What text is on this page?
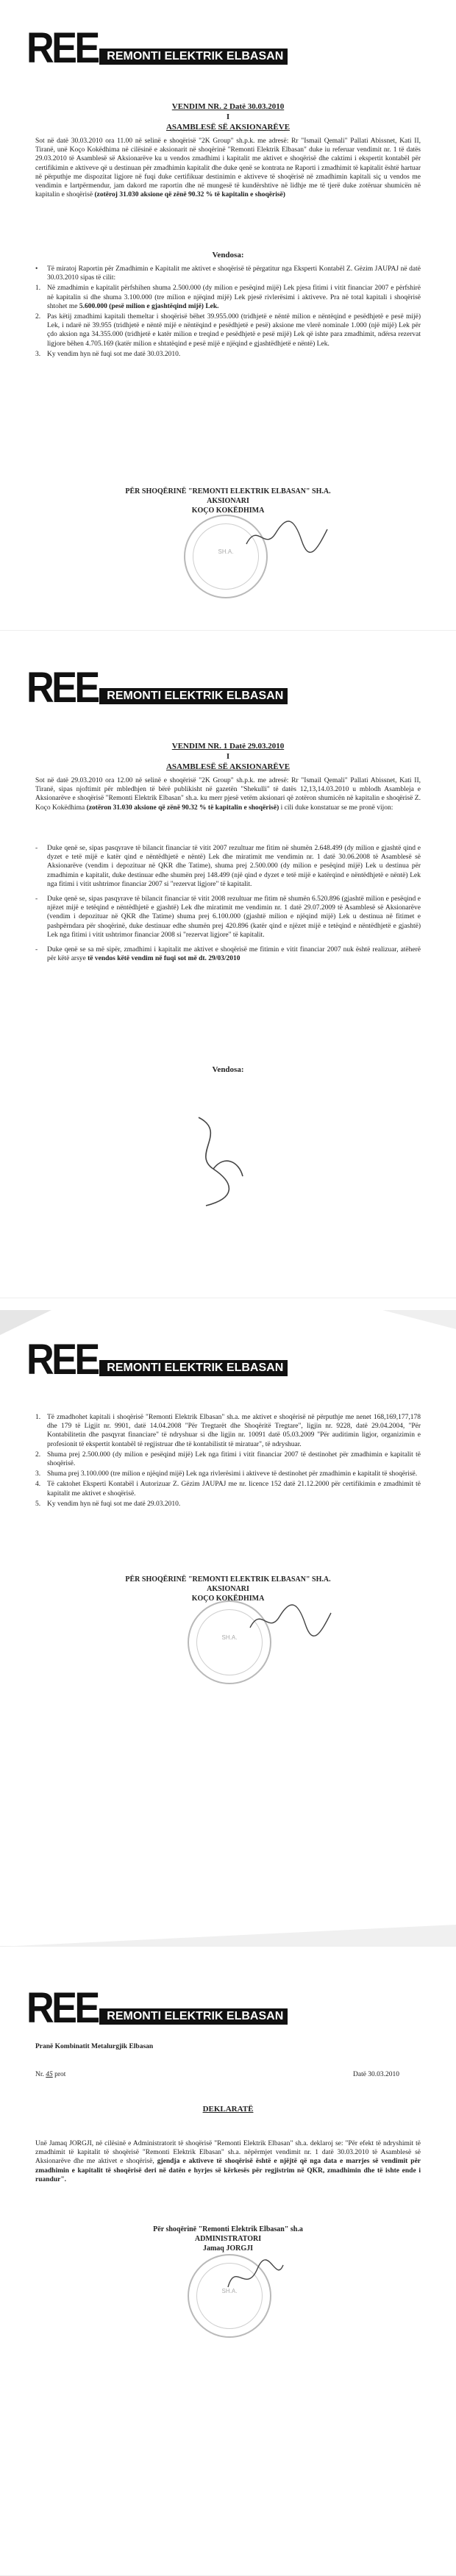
REE REMONTI ELEKTRIK ELBASAN
VENDIM NR. 2 Datë 30.03.2010
I
ASAMBLESË SË AKSIONARËVE

Sot në datë 30.03.2010 ora 11.00 në selinë e shoqërisë "2K Group" sh.p.k. me adresë: Rr "Ismail Qemali" Pallati Abissnet, Kati II, Tiranë, unë Koço Kokëdhima në cilësinë e aksionarit në shoqërinë "Remonti Elektrik Elbasan" duke iu referuar vendimit nr. 1 të datës 29.03.2010 të Asamblesë së Aksionarëve ku u vendos zmadhimi i kapitalit me aktivet e shoqërisë dhe caktimi i ekspertit kontabël për certifikimin e aktiveve që u destinuan për zmadhimin kapitalit dhe duke qenë se kontrata ne Raporti i zmadhimit të kapitalit është hartuar në përputhje me dispozitat ligjore në fuqi duke certifikuar destinimin e aktiveve të shoqërisë në zmadhimin kapitali siç u vendos me vendimin e lartpërmendur, jam dakord me raportin dhe në mungesë të kundërshtive në lidhje me të tjerë duke zotëruar shumicën në kapitalin e shoqërisë (zotëroj 31.030 aksione që zënë 90.32 % të kapitalin e shoqërisë)

Vendosa:
•	Të miratoj Raportin për Zmadhimin e Kapitalit me aktivet e shoqërisë të përgatitur nga Eksperti Kontabël Z. Gëzim JAUPAJ në datë 30.03.2010 sipas të cilit:
1. Në zmadhimin e kapitalit përfshihen shuma 2.500.000 (dy milion e pesëqind mijë) Lek pjesa fitimi i vitit financiar 2007 e përfshirë në kapitalin si dhe shuma 3.100.000 (tre milion e njëqind mijë) Lek pjesë rivlerësimi i aktiveve. Pra në total kapitali i shoqërisë shtohet me 5.600.000 (pesë milion e gjashtëqind mijë) Lek.
2. Pas këtij zmadhimi kapitali themeltar i shoqërisë bëhet 39.955.000 (tridhjetë e nëntë milion e nëntëqind e pesëdhjetë e pesë mijë) Lek, i ndarë në 39.955 (tridhjetë e nëntë mijë e nëntëqind e pesëdhjetë e pesë) aksione me vlerë nominale 1.000 (një mijë) Lek për çdo aksion nga 34.355.000 (tridhjetë e katër milion e treqind e pesëdhjetë e pesë mijë) Lek që ishte para zmadhimit, ndërsa rezervat ligjore bëhen 4.705.169 (katër milion e shtatëqind e pesë mijë e njëqind e gjashtëdhjetë e nëntë) Lek.
3. Ky vendim hyn në fuqi sot me datë 30.03.2010.
PËR SHOQËRINË "REMONTI ELEKTRIK ELBASAN" SH.A.
AKSIONARI
KOÇO KOKËDHIMA
SH.A.
REE REMONTI ELEKTRIK ELBASAN
VENDIM NR. 1 Datë 29.03.2010
I
ASAMBLESË SË AKSIONARËVE

Sot në datë 29.03.2010 ora 12.00 në selinë e shoqërisë "2K Group" sh.p.k. me adresë: Rr "Ismail Qemali" Pallati Abissnet, Kati II, Tiranë, sipas njoftimit për mbledhjen të bërë publikisht në gazetën "Shekulli" të datës 12,13,14.03.2010 u mblodh Asambleja e Aksionarëve e shoqërisë "Remonti Elektrik Elbasan" sh.a. ku merr pjesë vetëm aksionari që zotëron shumicën në kapitalin e shoqërisë Z. Koço Kokëdhima (zotëron 31.030 aksione që zënë 90.32 % të kapitalin e shoqërisë) i cili duke konstatuar se me pronë vijon:

-	Duke qenë se, sipas pasqyrave të bilancit financiar të vitit 2007 rezultuar me fitim në shumën 2.648.499 (dy milion e gjashtë qind e dyzet e tetë mijë e katër qind e nëntëdhjetë e nëntë) Lek dhe miratimit me vendimin nr. 1 datë 30.06.2008 të Asamblesë së Aksionarëve (vendim i depozituar në QKR dhe Tatime), shuma prej 2.500.000 (dy milion e pesëqind mijë) Lek u destinua për zmadhimin e kapitalit, duke destinuar edhe shumën prej 148.499 (një qind e dyzet e tetë mijë e katërqind e nëntëdhjetë e nëntë) Lek nga fitimi i vitit ushtrimor financiar 2007 si "rezervat ligjore" të kapitalit.
-	Duke qenë se, sipas pasqyrave të bilancit financiar të vitit 2008 rezultuar me fitim në shumën 6.520.896 (gjashtë milion e pesëqind e njëzet mijë e tetëqind e nëntëdhjetë e gjashtë) Lek dhe miratimit me vendimin nr. 1 datë 29.07.2009 të Asamblesë së Aksionarëve (vendim i depozituar në QKR dhe Tatime) shuma prej 6.100.000 (gjashtë milion e njëqind mijë) Lek u destinua në fitimet e pashpërndara për shoqërinë, duke destinuar edhe shumën prej 420.896 (katër qind e njëzet mijë e tetëqind e nëntëdhjetë e gjashtë) Lek nga fitimi i vitit ushtrimor financiar 2008 si "rezervat ligjore" të kapitalit.
-	Duke qenë se sa më sipër, zmadhimi i kapitalit me aktivet e shoqërisë me fitimin e vitit financiar 2007 nuk është realizuar, atëherë për këtë arsye të vendos këtë vendim në fuqi sot më dt. 29/03/2010
Vendosa:
REE REMONTI ELEKTRIK ELBASAN
1. Të zmadhohet kapitali i shoqërisë "Remonti Elektrik Elbasan" sh.a. me aktivet e shoqërisë në përputhje me nenet 168,169,177,178 dhe 179 të Ligjit nr. 9901, datë 14.04.2008 "Për Tregtarët dhe Shoqëritë Tregtare", ligjin nr. 9228, datë 29.04.2004, "Për Kontabilitetin dhe pasqyrat financiare" të ndryshuar si dhe ligjin nr. 10091 datë 05.03.2009 "Për auditimin ligjor, organizimin e profesionit të ekspertit kontabël të regjistruar dhe të kontabilistit të miratuar", të ndryshuar.
2. Shuma prej 2.500.000 (dy milion e pesëqind mijë) Lek nga fitimi i vitit financiar 2007 të destinohet për zmadhimin e kapitalit të shoqërisë.
3. Shuma prej 3.100.000 (tre milion e njëqind mijë) Lek nga rivlerësimi i aktiveve të destinohet për zmadhimin e kapitalit të shoqërisë.
4. Të caktohet Eksperti Kontabël i Autorizuar Z. Gëzim JAUPAJ me nr. licence 152 datë 21.12.2000 për certifikimin e zmadhimit të kapitalit me aktivet e shoqërisë.
5. Ky vendim hyn në fuqi sot me datë 29.03.2010.
PËR SHOQËRINË "REMONTI ELEKTRIK ELBASAN" SH.A.
AKSIONARI
KOÇO KOKËDHIMA
SH.A.
REE REMONTI ELEKTRIK ELBASAN
Pranë Kombinatit Metalurgjik Elbasan
Nr. 45 prot	Datë 30.03.2010
DEKLARATË

Unë Jamaq JORGJI, në cilësinë e Administratorit të shoqërisë "Remonti Elektrik Elbasan" sh.a. deklaroj se: "Për efekt të ndryshimit të zmadhimit të kapitalit të shoqërisë "Remonti Elektrik Elbasan" sh.a. nëpërmjet vendimit nr. 1 datë 30.03.2010 të Asamblesë së Aksionarëve dhe me aktivet e shoqërisë, gjendja e aktiveve të shoqërisë është e njëjtë që nga data e marrjes së vendimit për zmadhimin e kapitalit të shoqërisë deri në datën e hyrjes së kërkesës për regjistrim në QKR, zmadhimin dhe të ishte ende i ruandur".

Për shoqërinë "Remonti Elektrik Elbasan" sh.a
ADMINISTRATORI
Jamaq JORGJI
SH.A.
